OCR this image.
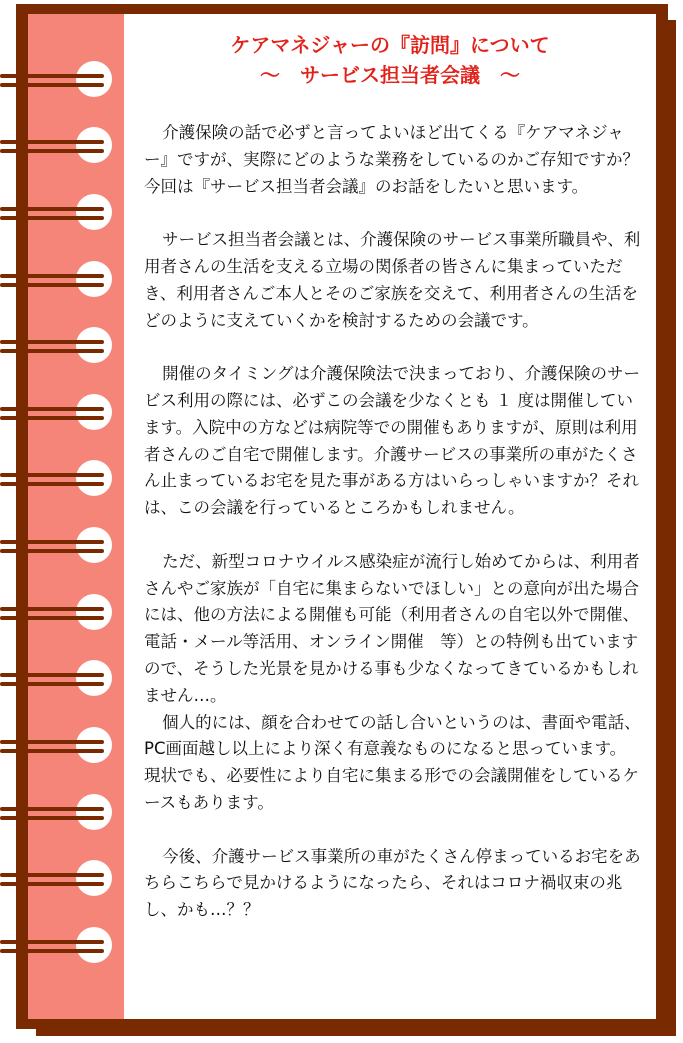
ケアマネジャーの『訪問』について
～　サービス担当者会議　～

介護保険の話で必ずと言ってよいほど出てくる『ケアマネジャー』ですが、実際にどのような業務をしているのかご存知ですか？今回は『サービス担当者会議』のお話をしたいと思います。

サービス担当者会議とは、介護保険のサービス事業所職員や、利用者さんの生活を支える立場の関係者の皆さんに集まっていただき、利用者さんご本人とそのご家族を交えて、利用者さんの生活をどのように支えていくかを検討するための会議です。

開催のタイミングは介護保険法で決まっており、介護保険のサービス利用の際には、必ずこの会議を少なくとも １ 度は開催しています。入院中の方などは病院等での開催もありますが、原則は利用者さんのご自宅で開催します。介護サービスの事業所の車がたくさん止まっているお宅を見た事がある方はいらっしゃいますか？それは、この会議を行っているところかもしれません。

ただ、新型コロナウイルス感染症が流行し始めてからは、利用者さんやご家族が「自宅に集まらないでほしい」との意向が出た場合には、他の方法による開催も可能（利用者さんの自宅以外で開催、電話・メール等活用、オンライン開催　等）との特例も出ていますので、そうした光景を見かける事も少なくなってきているかもしれません…。

個人的には、顔を合わせての話し合いというのは、書面や電話、PC画面越し以上により深く有意義なものになると思っています。現状でも、必要性により自宅に集まる形での会議開催をしているケースもあります。

今後、介護サービス事業所の車がたくさん停まっているお宅をあちらこちらで見かけるようになったら、それはコロナ禍収束の兆し、かも…？？
